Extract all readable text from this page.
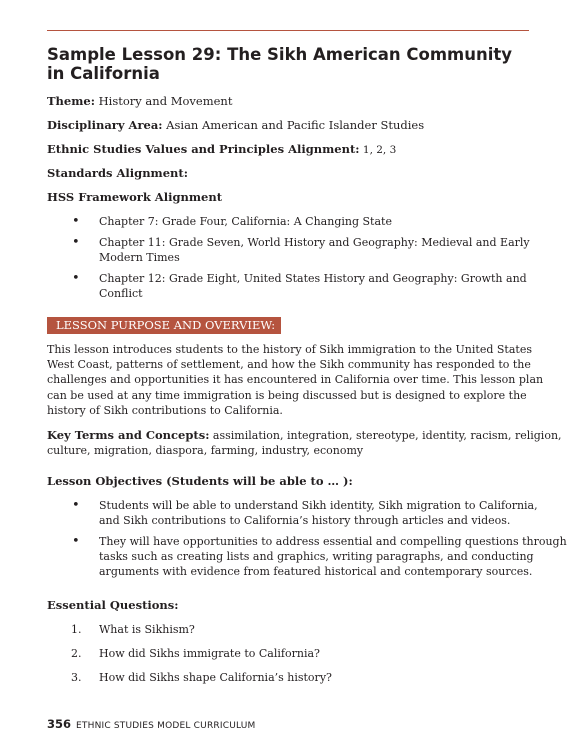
Sample Lesson 29: The Sikh American Community
in California

Theme: History and Movement

Disciplinary Area: Asian American and Pacific Islander Studies

Ethnic Studies Values and Principles Alignment: 1, 2, 3

Standards Alignment:

HSS Framework Alignment

• Chapter 7: Grade Four, California: A Changing State
• Chapter 11: Grade Seven, World History and Geography: Medieval and Early
Modern Times
• Chapter 12: Grade Eight, United States History and Geography: Growth and
Conflict
LESSON PURPOSE AND OVERVIEW:
This lesson introduces students to the history of Sikh immigration to the United States
West Coast, patterns of settlement, and how the Sikh community has responded to the
challenges and opportunities it has encountered in California over time. This lesson plan
can be used at any time immigration is being discussed but is designed to explore the
history of Sikh contributions to California.
Key Terms and Concepts: assimilation, integration, stereotype, identity, racism, religion,
culture, migration, diaspora, farming, industry, economy

Lesson Objectives (Students will be able to … ):

• Students will be able to understand Sikh identity, Sikh migration to California,
and Sikh contributions to California’s history through articles and videos.
• They will have opportunities to address essential and compelling questions through
tasks such as creating lists and graphics, writing paragraphs, and conducting
arguments with evidence from featured historical and contemporary sources.

Essential Questions:

1. What is Sikhism?
2. How did Sikhs immigrate to California?
3. How did Sikhs shape California’s history?
356 ETHNIC STUDIES MODEL CURRICULUM
